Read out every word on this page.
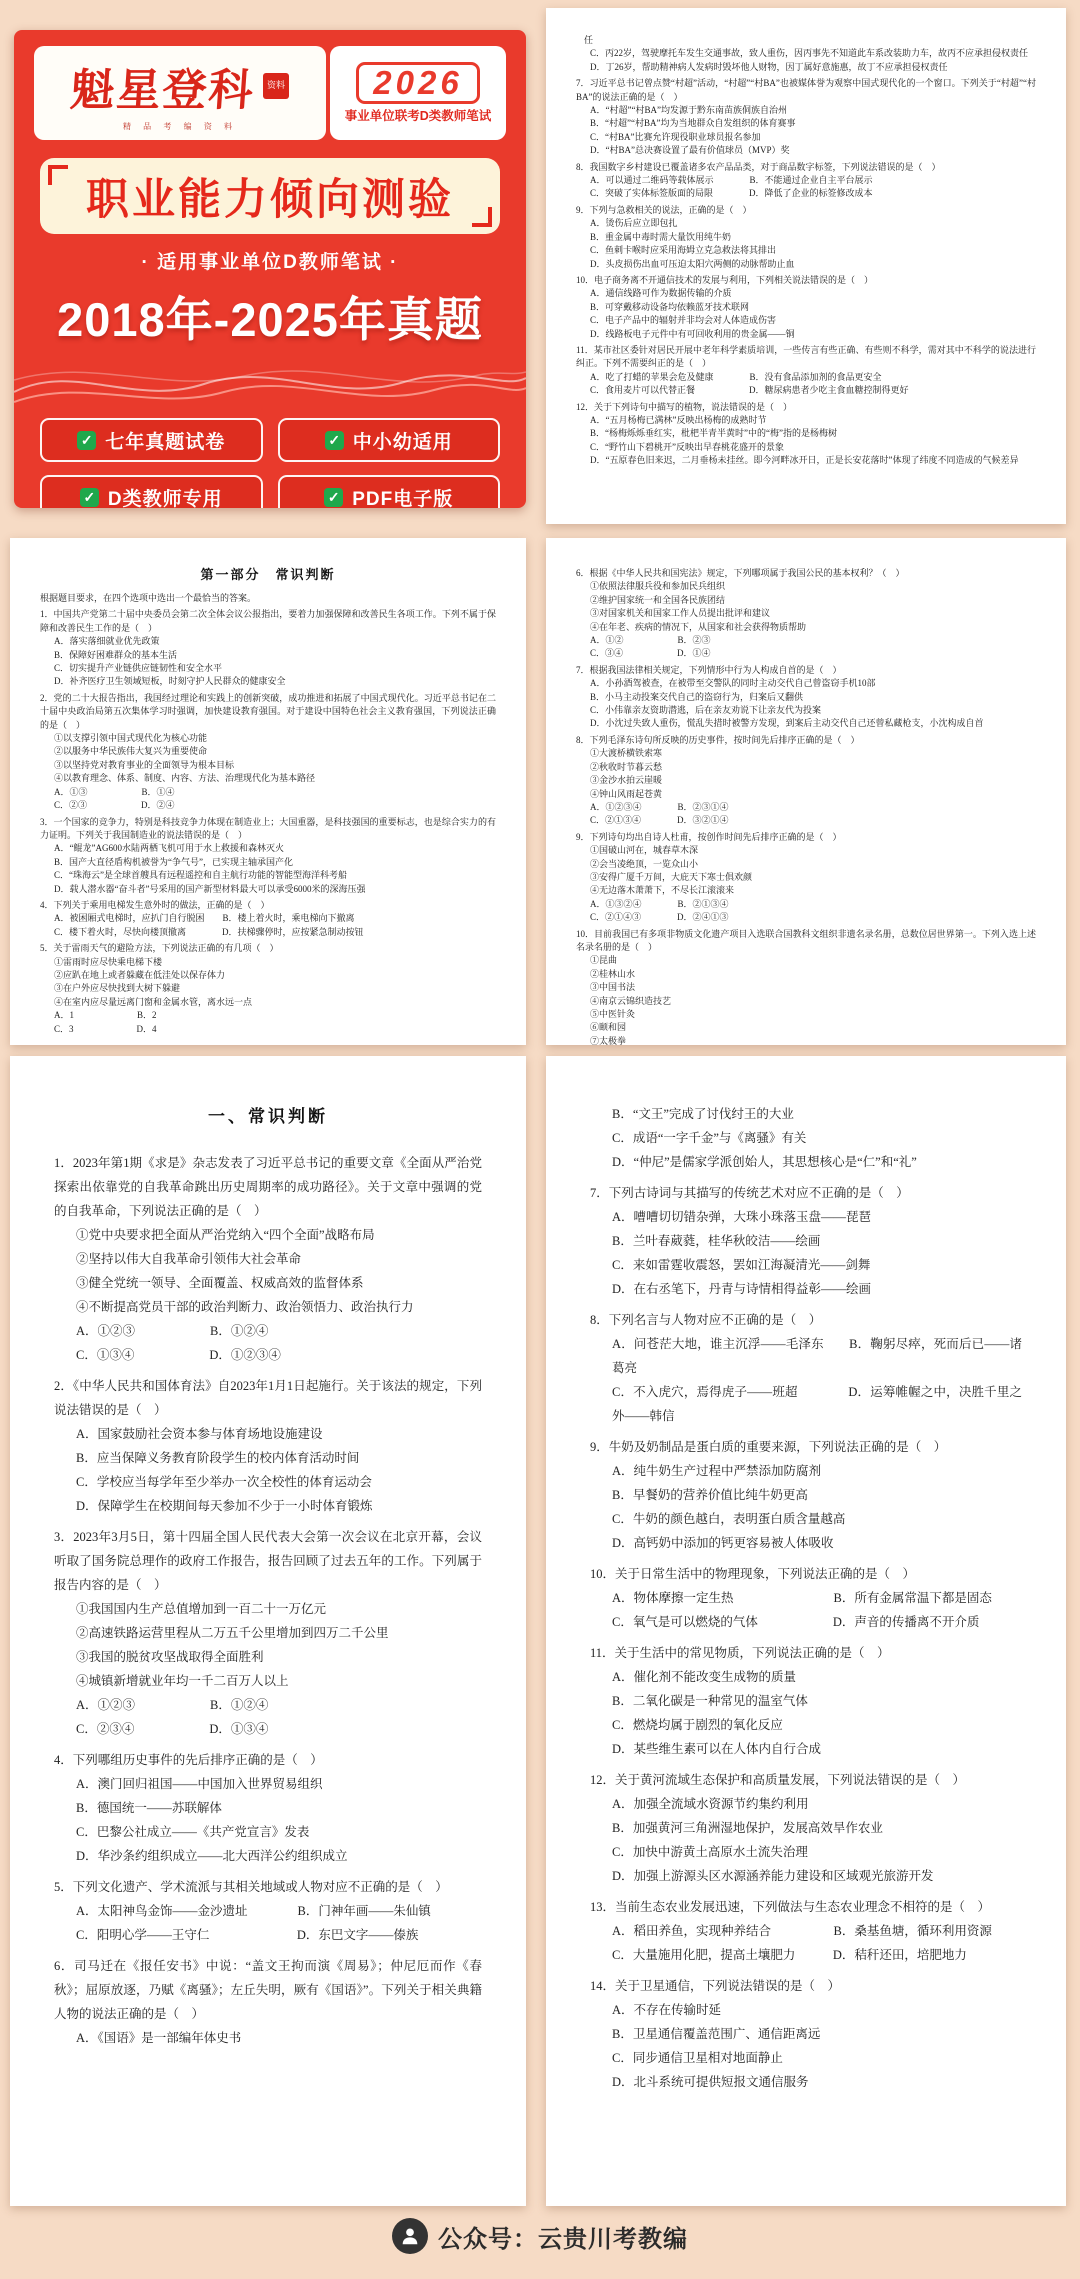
魁星登科	资料
精 品 考 编 资 料
2026
事业单位联考D类教师笔试
职业能力倾向测验
· 适用事业单位D教师笔试 ·
2018年-2025年真题
✓ 七年真题试卷	✓ 中小幼适用
✓ D类教师专用	✓ PDF电子版
任
C．丙22岁，驾驶摩托车发生交通事故，致人重伤，因丙事先不知道此车系改装助力车，故丙不应承担侵权责任
D．丁26岁，帮助精神病人发病时毁坏他人财物，因丁属好意施惠，故丁不应承担侵权责任
7．习近平总书记曾点赞“村超”活动，“村超”“村BA”也被媒体誉为观察中国式现代化的一个窗口。下列关于“村超”“村BA”的说法正确的是（　）
A．“村超”“村BA”均发源于黔东南苗族侗族自治州
B．“村超”“村BA”均为当地群众自发组织的体育赛事
C．“村BA”比赛允许现役职业球员报名参加
D．“村BA”总决赛设置了最有价值球员（MVP）奖
8．我国数字乡村建设已覆盖诸多农产品品类，对于商品数字标签，下列说法错误的是（　）
A．可以通过二维码等载体展示　　　　B．不能通过企业自主平台展示
C．突破了实体标签版面的局限　　　　D．降低了企业的标签修改成本
9．下列与急救相关的说法，正确的是（　）
A．烫伤后应立即包扎
B．重金属中毒时需大量饮用纯牛奶
C．鱼刺卡喉时应采用海姆立克急救法将其排出
D．头皮损伤出血可压迫太阳穴两侧的动脉帮助止血
10．电子商务离不开通信技术的发展与利用，下列相关说法错误的是（　）
A．通信线路可作为数据传输的介质
B．可穿戴移动设备均依赖蓝牙技术联网
C．电子产品中的辐射并非均会对人体造成伤害
D．线路板电子元件中有可回收利用的贵金属——铜
11．某市社区委针对居民开展中老年科学素质培训，一些传言有些正确、有些则不科学，需对其中不科学的说法进行纠正。下列不需要纠正的是（　）
A．吃了打蜡的苹果会危及健康　　　　B．没有食品添加剂的食品更安全
C．食用麦片可以代替正餐　　　　　　D．糖尿病患者少吃主食血糖控制得更好
12．关于下列诗句中描写的植物，说法错误的是（　）
A．“五月杨梅已满林”反映出杨梅的成熟时节
B．“杨梅烁烁垂红实，枇杷半青半黄时”中的“梅”指的是杨梅树
C．“野竹山下碧桃开”反映出早春桃花盛开的景象
D．“五原春色旧来迟，二月垂杨未挂丝。即今河畔冰开日，正是长安花落时”体现了纬度不同造成的气候差异
第一部分　常识判断
根据题目要求，在四个选项中选出一个最恰当的答案。
1．中国共产党第二十届中央委员会第二次全体会议公报指出，要着力加强保障和改善民生各项工作。下列不属于保障和改善民生工作的是（　）
A．落实落细就业优先政策
B．保障好困难群众的基本生活
C．切实提升产业链供应链韧性和安全水平
D．补齐医疗卫生领域短板，时刻守护人民群众的健康安全
2．党的二十大报告指出，我国经过理论和实践上的创新突破，成功推进和拓展了中国式现代化。习近平总书记在二十届中央政治局第五次集体学习时强调，加快建设教育强国。对于建设中国特色社会主义教育强国，下列说法正确的是（　）
①以支撑引领中国式现代化为核心功能
②以服务中华民族伟大复兴为重要使命
③以坚持党对教育事业的全面领导为根本目标
④以教育理念、体系、制度、内容、方法、治理现代化为基本路径
A．①③　　　　　　B．①④
C．②③　　　　　　D．②④
3．一个国家的竞争力，特别是科技竞争力体现在制造业上；大国重器，是科技强国的重要标志，也是综合实力的有力证明。下列关于我国制造业的说法错误的是（　）
A．“鲲龙”AG600水陆两栖飞机可用于水上救援和森林灭火
B．国产大直径盾构机被誉为“争气号”，已实现主轴承国产化
C．“珠海云”是全球首艘具有远程遥控和自主航行功能的智能型海洋科考船
D．载人潜水器“奋斗者”号采用的国产新型材料最大可以承受6000米的深海压强
4．下列关于乘用电梯发生意外时的做法，正确的是（　）
A．被困厢式电梯时，应扒门自行脱困　　B．楼上着火时，乘电梯向下撤离
C．楼下着火时，尽快向楼顶撤离　　　　D．扶梯骤停时，应按紧急制动按钮
5．关于雷雨天气的避险方法，下列说法正确的有几项（　）
①雷雨时应尽快乘电梯下楼
②应趴在地上或者躲藏在低洼处以保存体力
③在户外应尽快找到大树下躲避
④在室内应尽量远离门窗和金属水管，离水远一点
A．1　　　　　　　B．2
C．3　　　　　　　D．4
6．根据《中华人民共和国宪法》规定，下列哪项属于我国公民的基本权利？（　）
①依照法律服兵役和参加民兵组织
②维护国家统一和全国各民族团结
③对国家机关和国家工作人员提出批评和建议
④在年老、疾病的情况下，从国家和社会获得物质帮助
A．①②　　　　　　B．②③
C．③④　　　　　　D．①④
7．根据我国法律相关规定，下列情形中行为人构成自首的是（　）
A．小孙酒驾被查，在被带至交警队的同时主动交代自己曾盗窃手机10部
B．小马主动投案交代自己的盗窃行为，归案后又翻供
C．小伟靠亲友资助潜逃，后在亲友劝说下让亲友代为投案
D．小沈过失致人重伤，慌乱失措时被警方发现，到案后主动交代自己还曾私藏枪支，小沈构成自首
8．下列毛泽东诗句所反映的历史事件，按时间先后排序正确的是（　）
①大渡桥横铁索寒
②秋收时节暮云愁
③金沙水拍云崖暖
④钟山风雨起苍黄
A．①②③④　　　　B．②③①④
C．②①③④　　　　D．③②①④
9．下列诗句均出自诗人杜甫，按创作时间先后排序正确的是（　）
①国破山河在，城春草木深
②会当凌绝顶，一览众山小
③安得广厦千万间，大庇天下寒士俱欢颜
④无边落木萧萧下，不尽长江滚滚来
A．①③②④　　　　B．②①③④
C．②①④③　　　　D．②④①③
10．目前我国已有多项非物质文化遗产项目入选联合国教科文组织非遗名录名册，总数位居世界第一。下列入选上述名录名册的是（　）
①昆曲
②桂林山水
③中国书法
④南京云锦织造技艺
⑤中医针灸
⑥颐和园
⑦太极拳
一、常识判断
1．2023年第1期《求是》杂志发表了习近平总书记的重要文章《全面从严治党探索出依靠党的自我革命跳出历史周期率的成功路径》。关于文章中强调的党的自我革命，下列说法正确的是（　）
①党中央要求把全面从严治党纳入“四个全面”战略布局
②坚持以伟大自我革命引领伟大社会革命
③健全党统一领导、全面覆盖、权威高效的监督体系
④不断提高党员干部的政治判断力、政治领悟力、政治执行力
A．①②③　　　　　　B．①②④
C．①③④　　　　　　D．①②③④
2．《中华人民共和国体育法》自2023年1月1日起施行。关于该法的规定，下列说法错误的是（　）
A．国家鼓励社会资本参与体育场地设施建设
B．应当保障义务教育阶段学生的校内体育活动时间
C．学校应当每学年至少举办一次全校性的体育运动会
D．保障学生在校期间每天参加不少于一小时体育锻炼
3．2023年3月5日，第十四届全国人民代表大会第一次会议在北京开幕，会议听取了国务院总理作的政府工作报告，报告回顾了过去五年的工作。下列属于报告内容的是（　）
①我国国内生产总值增加到一百二十一万亿元
②高速铁路运营里程从二万五千公里增加到四万二千公里
③我国的脱贫攻坚战取得全面胜利
④城镇新增就业年均一千二百万人以上
A．①②③　　　　　　B．①②④
C．②③④　　　　　　D．①③④
4．下列哪组历史事件的先后排序正确的是（　）
A．澳门回归祖国——中国加入世界贸易组织
B．德国统一——苏联解体
C．巴黎公社成立——《共产党宣言》发表
D．华沙条约组织成立——北大西洋公约组织成立
5．下列文化遗产、学术流派与其相关地域或人物对应不正确的是（　）
A．太阳神鸟金饰——金沙遗址　　　　B．门神年画——朱仙镇
C．阳明心学——王守仁　　　　　　　D．东巴文字——傣族
6．司马迁在《报任安书》中说：“盖文王拘而演《周易》；仲尼厄而作《春秋》；屈原放逐，乃赋《离骚》；左丘失明，厥有《国语》”。下列关于相关典籍人物的说法正确的是（　）
A．《国语》是一部编年体史书
B．“文王”完成了讨伐纣王的大业
C．成语“一字千金”与《离骚》有关
D．“仲尼”是儒家学派创始人，其思想核心是“仁”和“礼”
7．下列古诗词与其描写的传统艺术对应不正确的是（　）
A．嘈嘈切切错杂弹，大珠小珠落玉盘——琵琶
B．兰叶春葳蕤，桂华秋皎洁——绘画
C．来如雷霆收震怒，罢如江海凝清光——剑舞
D．在右丞笔下，丹青与诗情相得益彰——绘画
8．下列名言与人物对应不正确的是（　）
A．问苍茫大地，谁主沉浮——毛泽东　　B．鞠躬尽瘁，死而后已——诸葛亮
C．不入虎穴，焉得虎子——班超　　　　D．运筹帷幄之中，决胜千里之外——韩信
9．牛奶及奶制品是蛋白质的重要来源，下列说法正确的是（　）
A．纯牛奶生产过程中严禁添加防腐剂
B．早餐奶的营养价值比纯牛奶更高
C．牛奶的颜色越白，表明蛋白质含量越高
D．高钙奶中添加的钙更容易被人体吸收
10．关于日常生活中的物理现象，下列说法正确的是（　）
A．物体摩擦一定生热　　　　　　　　B．所有金属常温下都是固态
C．氧气是可以燃烧的气体　　　　　　D．声音的传播离不开介质
11．关于生活中的常见物质，下列说法正确的是（　）
A．催化剂不能改变生成物的质量
B．二氧化碳是一种常见的温室气体
C．燃烧均属于剧烈的氧化反应
D．某些维生素可以在人体内自行合成
12．关于黄河流域生态保护和高质量发展，下列说法错误的是（　）
A．加强全流域水资源节约集约利用
B．加强黄河三角洲湿地保护，发展高效旱作农业
C．加快中游黄土高原水土流失治理
D．加强上游源头区水源涵养能力建设和区域观光旅游开发
13．当前生态农业发展迅速，下列做法与生态农业理念不相符的是（　）
A．稻田养鱼，实现种养结合　　　　　B．桑基鱼塘，循环利用资源
C．大量施用化肥，提高土壤肥力　　　D．秸秆还田，培肥地力
14．关于卫星通信，下列说法错误的是（　）
A．不存在传输时延
B．卫星通信覆盖范围广、通信距离远
C．同步通信卫星相对地面静止
D．北斗系统可提供短报文通信服务
公众号：云贵川考教编
